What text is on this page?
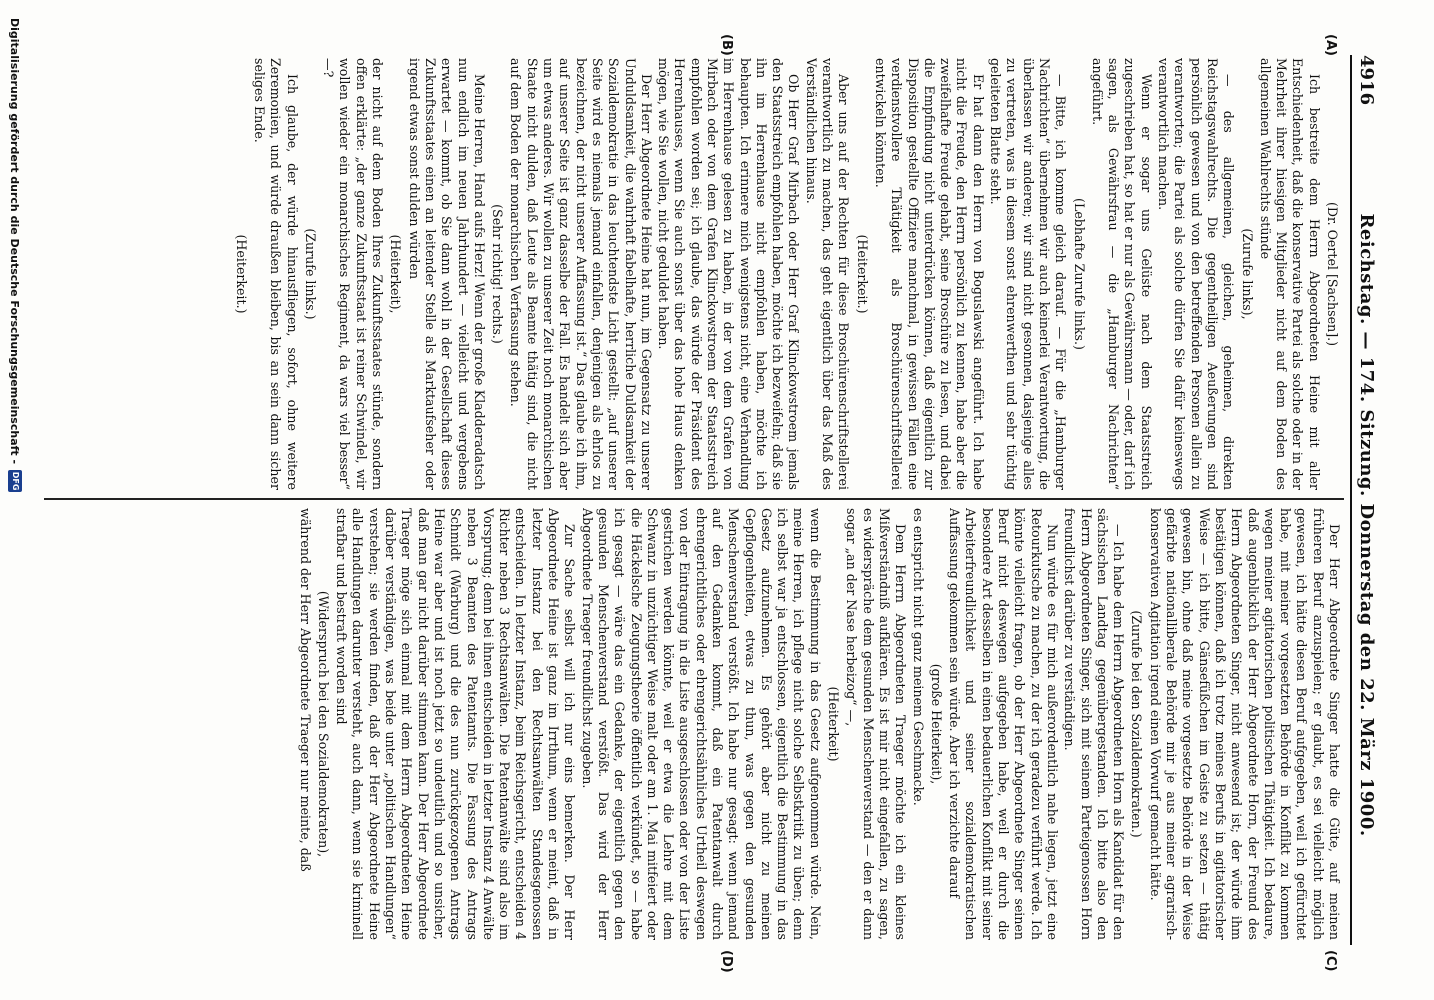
4916
Reichstag. — 174. Sitzung. Donnerstag den 22. März 1900.
(A)
(B)
(C)
(D)

(Dr. Oertel [Sachsen].)

Ich bestreite dem Herrn Abgeordneten Heine mit aller Entschiedenheit, daß die konservative Partei als solche oder in der Mehrheit ihrer hiesigen Mitglieder nicht auf dem Boden des allgemeinen Wahlrechts stünde

(Zurufe links),

— des allgemeinen, gleichen, geheimen, direkten Reichstagswahlrechts. Die gegentheiligen Aeußerungen sind persönlich gewesen und von den betreffenden Personen allein zu verantworten; die Partei als solche dürfen Sie dafür keineswegs verantwortlich machen.

Wenn er sogar uns Gelüste nach dem Staatsstreich zugeschrieben hat, so hat er nur als Gewährsmann — oder, darf ich sagen, als Gewährsfrau — die „Hamburger Nachrichten“ angeführt.

(Lebhafte Zurufe links.)

— Bitte, ich komme gleich darauf. — Für die „Hamburger Nachrichten“ übernehmen wir auch keinerlei Verantwortung, die überlassen wir anderen; wir sind nicht gesonnen, dasjenige alles zu vertreten, was in diesem sonst ehrenwerthen und sehr tüchtig geleiteten Blatte steht.

Er hat dann den Herrn von Boguslawski angeführt. Ich habe nicht die Freude, den Herrn persönlich zu kennen, habe aber die zweifelhafte Freude gehabt, seine Broschüre zu lesen, und dabei die Empfindung nicht unterdrücken können, daß eigentlich zur Disposition gestellte Offiziere manchmal, in gewissen Fällen eine verdienstvollere Thätigkeit als Broschürenschriftstellerei entwickeln könnten.

(Heiterkeit.)

Aber uns auf der Rechten für diese Broschürenschriftstellerei verantwortlich zu machen, das geht eigentlich über das Maß des Verständlichen hinaus.

Ob Herr Graf Mirbach oder Herr Graf Klinckowstroem jemals den Staatsstreich empfohlen haben, möchte ich bezweifeln; daß sie ihn im Herrenhause nicht empfohlen haben, möchte ich behaupten. Ich erinnere mich wenigstens nicht, eine Verhandlung im Herrenhause gelesen zu haben, in der von dem Grafen von Mirbach oder von dem Grafen Klinckowstroem der Staatsstreich empfohlen worden sei; ich glaube, das würde der Präsident des Herrenhauses, wenn Sie auch sonst über das hohe Haus denken mögen, wie Sie wollen, nicht geduldet haben.

Der Herr Abgeordnete Heine hat nun, im Gegensatz zu unserer Unduldsamkeit, die wahrhaft fabelhafte, herrliche Duldsamkeit der Sozialdemokratie in das leuchtendste Licht gestellt: „auf unserer Seite wird es niemals jemand einfallen, denjenigen als ehrlos zu bezeichnen, der nicht unserer Auffassung ist.“ Das glaube ich ihm, auf unserer Seite ist ganz dasselbe der Fall. Es handelt sich aber um etwas anderes. Wir wollen zu unserer Zeit noch monarchischen Staate nicht dulden, daß Leute als Beamte thätig sind, die nicht auf dem Boden der monarchischen Verfassung stehen.

(Sehr richtig! rechts.)

Meine Herren, Hand aufs Herz! Wenn der große Kladderadatsch nun endlich im neuen Jahrhundert — vielleicht und vergebens erwartet — kommt, ob Sie dann wohl in der Gesellschaft dieses Zukunftsstaates einen an leitender Stelle als Marktaufseher oder irgend etwas sonst dulden würden

(Heiterkeit),

der nicht auf dem Boden Ihres Zukunftsstaates stünde, sondern offen erklärte: „der ganze Zukunftsstaat ist reiner Schwindel, wir wollen wieder ein monarchisches Regiment, da wars viel besser“ —?

(Zurufe links.)

Ich glaube, der würde hinausfliegen, sofort, ohne weitere Zeremonien, und würde draußen bleiben, bis an sein dann sicher seliges Ende.

(Heiterkeit.)

Der Herr Abgeordnete Singer hatte die Güte, auf meinen früheren Beruf anzuspielen; er glaubt, es sei vielleicht möglich gewesen, ich hätte diesen Beruf aufgegeben, weil ich gefürchtet habe, mit meiner vorgesetzten Behörde in Konflikt zu kommen wegen meiner agitatorischen politischen Thätigkeit. Ich bedaure, daß augenblicklich der Herr Abgeordnete Horn, der Freund des Herrn Abgeordneten Singer, nicht anwesend ist; der würde ihm bestätigen können, daß ich trotz meines Berufs in agitatorischer Weise — ich bitte, Gänsefüßchen im Geiste zu setzen — thätig gewesen bin, ohne daß meine vorgesetzte Behörde in der Weise gefärbte nationalliberale Behörde mir je aus meiner agrarisch-konservativen Agitation irgend einen Vorwurf gemacht hätte.

(Zurufe bei den Sozialdemokraten.)

— Ich habe dem Herrn Abgeordneten Horn als Kandidat für den sächsischen Landtag gegenübergestanden. Ich bitte also den Herrn Abgeordneten Singer, sich mit seinem Parteigenossen Horn freundlichst darüber zu verständigen.

Nun würde es für mich außerordentlich nahe liegen, jetzt eine Retourkutsche zu machen, zu der ich geradezu verführt werde. Ich könnte vielleicht fragen, ob der Herr Abgeordnete Singer seinen Beruf nicht deswegen aufgegeben habe, weil er durch die besondere Art desselben in einen bedauerlichen Konflikt mit seiner Arbeiterfreundlichkeit und seiner sozialdemokratischen Auffassung gekommen sein würde. Aber ich verzichte darauf

(große Heiterkeit),

es entspricht nicht ganz meinem Geschmacke.

Dem Herrn Abgeordneten Traeger möchte ich ein kleines Mißverständniß aufklären. Es ist mir nicht eingefallen, zu sagen, es widerspräche dem gesunden Menschenverstand — den er dann sogar „an der Nase herbeizog“ —,

(Heiterkeit)

wenn die Bestimmung in das Gesetz aufgenommen würde. Nein, meine Herren, ich pflege nicht solche Selbstkritik zu üben; denn ich selbst war ja entschlossen, eigentlich die Bestimmung in das Gesetz aufzunehmen. Es gehört aber nicht zu meinen Gepflogenheiten, etwas zu thun, was gegen den gesunden Menschenverstand verstößt. Ich habe nur gesagt: wenn jemand auf den Gedanken kommt, daß ein Patentanwalt durch ehrengerichtliches oder ehrengerichtsähnliches Urtheil deswegen von der Eintragung in die Liste ausgeschlossen oder von der Liste gestrichen werden könnte, weil er etwa die Lehre mit dem Schwanz in unzüchtiger Weise malt oder am 1. Mai mitfeiert oder die Häckelsche Zeugungstheorie öffentlich verkündet, so — habe ich gesagt — wäre das ein Gedanke, der eigentlich gegen den gesunden Menschenverstand verstößt. Das wird der Herr Abgeordnete Traeger freundlichst zugeben.

Zur Sache selbst will ich nur eins bemerken. Der Herr Abgeordnete Heine ist ganz im Irrthum, wenn er meint, daß in letzter Instanz bei den Rechtsanwälten Standesgenossen entscheiden. In letzter Instanz, beim Reichsgericht, entscheiden 4 Richter neben 3 Rechtsanwälten. Die Patentanwälte sind also im Vorsprung; denn bei ihnen entscheiden in letzter Instanz 4 Anwälte neben 3 Beamten des Patentamts. Die Fassung des Antrags Schmidt (Warburg) und die des nun zurückgezogenen Antrags Heine war aber und ist noch jetzt so undeutlich und so unsicher, daß man gar nicht darüber stimmen kann. Der Herr Abgeordnete Traeger möge sich einmal mit dem Herrn Abgeordneten Heine darüber verständigen, was beide unter „politischen Handlungen“ verstehen; sie werden finden, daß der Herr Abgeordnete Heine alle Handlungen darunter versteht, auch dann, wenn sie kriminell strafbar und bestraft worden sind

(Widerspruch bei den Sozialdemokraten),

während der Herr Abgeordnete Traeger nur meinte, daß

Digitalisierung gefördert durch die Deutsche Forschungsgemeinschaft -
DFG
